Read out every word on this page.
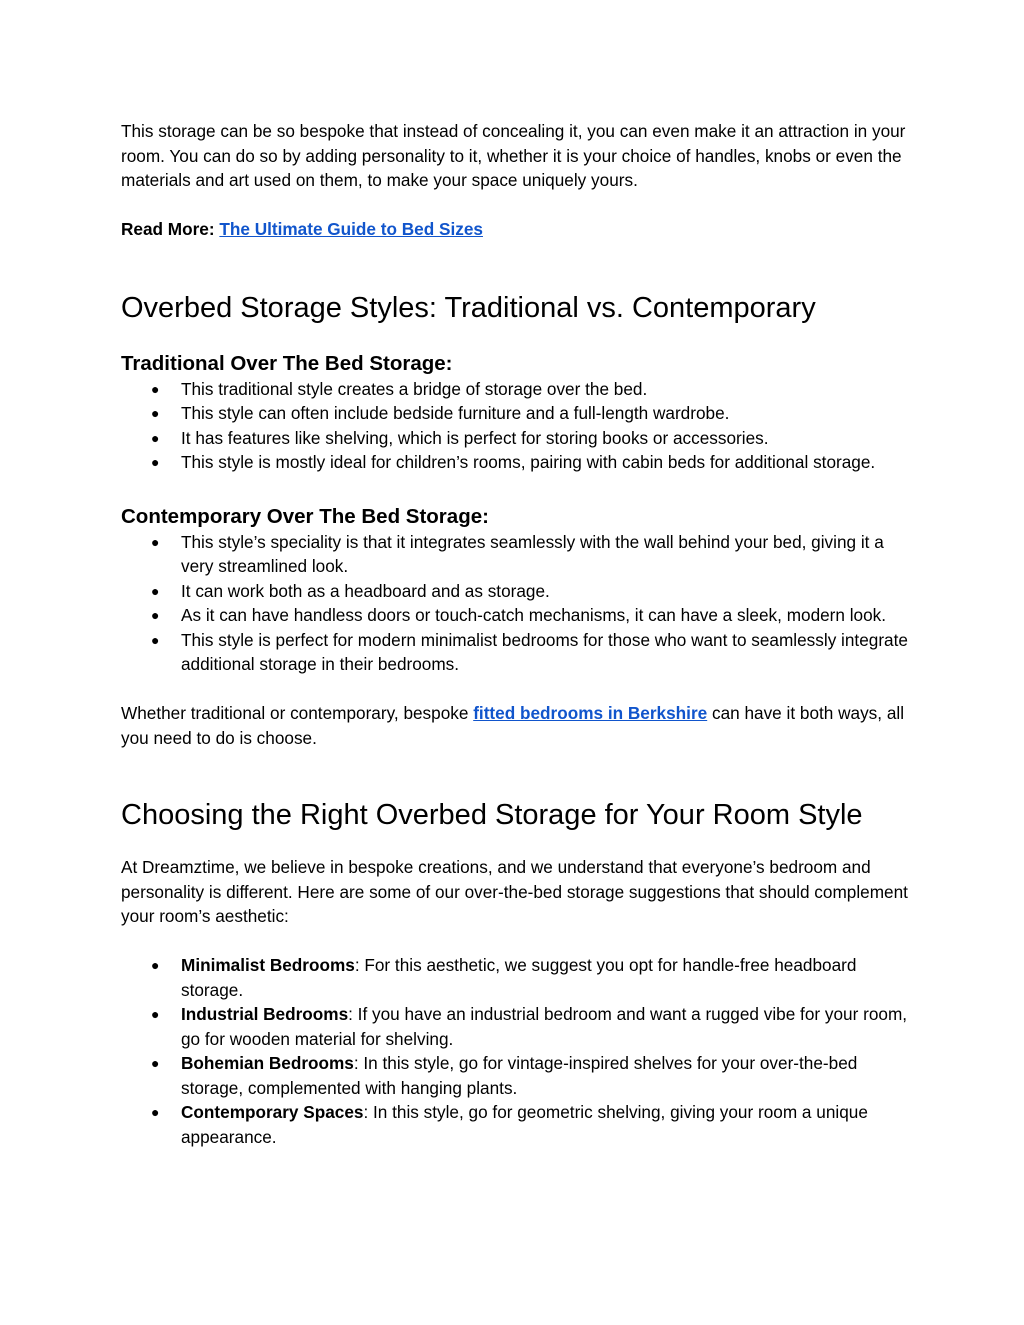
This storage can be so bespoke that instead of concealing it, you can even make it an attraction in your room. You can do so by adding personality to it, whether it is your choice of handles, knobs or even the materials and art used on them, to make your space uniquely yours.

Read More: The Ultimate Guide to Bed Sizes

Overbed Storage Styles: Traditional vs. Contemporary
Traditional Over The Bed Storage:
● This traditional style creates a bridge of storage over the bed.
● This style can often include bedside furniture and a full-length wardrobe.
● It has features like shelving, which is perfect for storing books or accessories.
● This style is mostly ideal for children’s rooms, pairing with cabin beds for additional storage.
Contemporary Over The Bed Storage:
● This style’s speciality is that it integrates seamlessly with the wall behind your bed, giving it a very streamlined look.
● It can work both as a headboard and as storage.
● As it can have handless doors or touch-catch mechanisms, it can have a sleek, modern look.
● This style is perfect for modern minimalist bedrooms for those who want to seamlessly integrate additional storage in their bedrooms.

Whether traditional or contemporary, bespoke fitted bedrooms in Berkshire can have it both ways, all you need to do is choose.

Choosing the Right Overbed Storage for Your Room Style

At Dreamztime, we believe in bespoke creations, and we understand that everyone’s bedroom and personality is different. Here are some of our over-the-bed storage suggestions that should complement your room’s aesthetic:

● Minimalist Bedrooms: For this aesthetic, we suggest you opt for handle-free headboard storage.
● Industrial Bedrooms: If you have an industrial bedroom and want a rugged vibe for your room, go for wooden material for shelving.
● Bohemian Bedrooms: In this style, go for vintage-inspired shelves for your over-the-bed storage, complemented with hanging plants.
● Contemporary Spaces: In this style, go for geometric shelving, giving your room a unique appearance.
